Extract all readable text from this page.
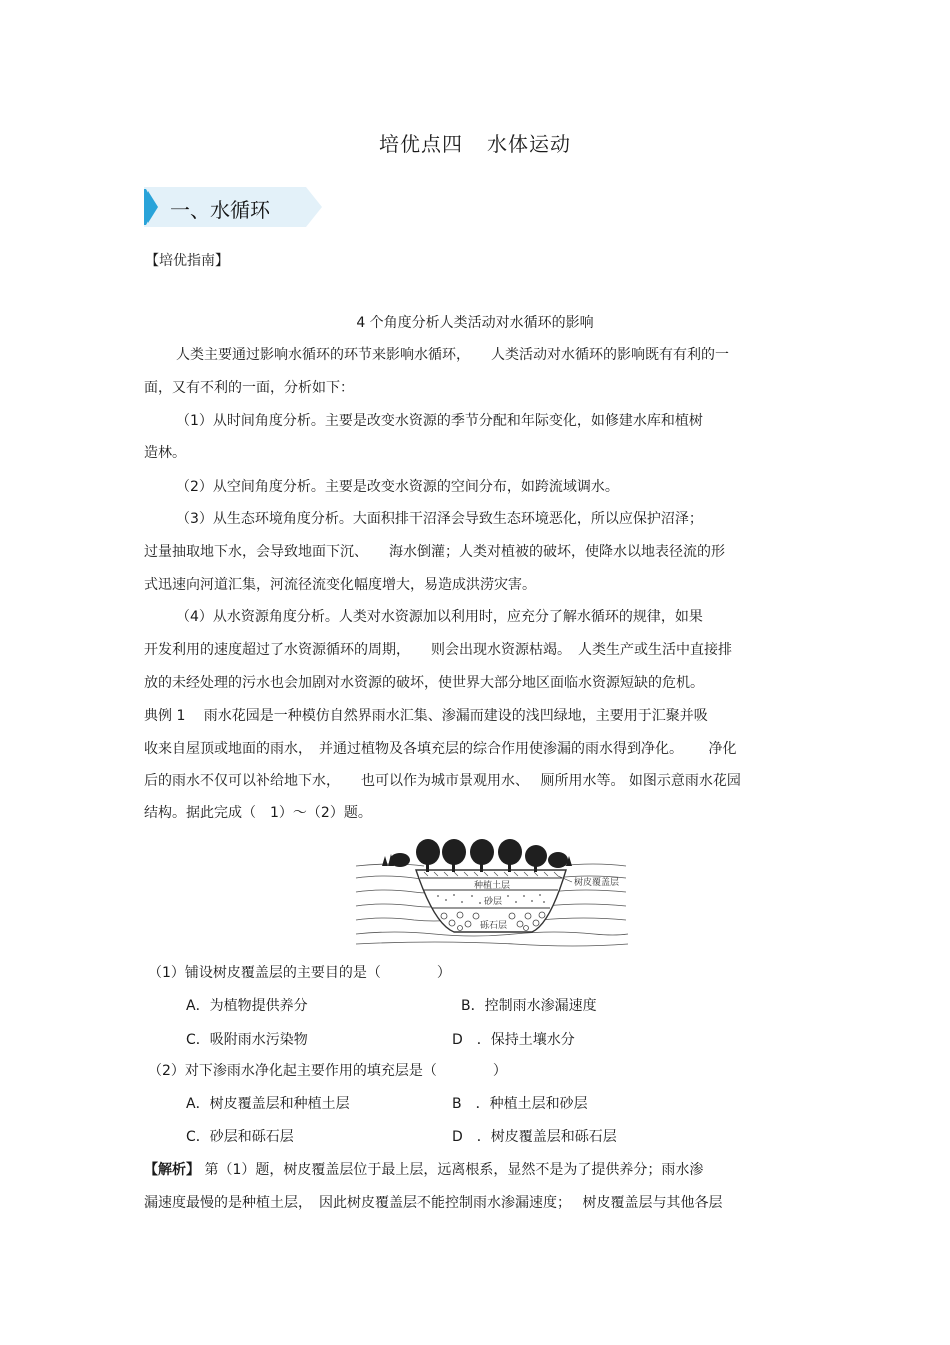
培优点四 水体运动
一、水循环
【培优指南】
4 个角度分析人类活动对水循环的影响
人类主要通过影响水循环的环节来影响水循环，　　人类活动对水循环的影响既有有利的一
面，又有不利的一面，分析如下：
（1）从时间角度分析。主要是改变水资源的季节分配和年际变化，如修建水库和植树
造林。
（2）从空间角度分析。主要是改变水资源的空间分布，如跨流域调水。
（3）从生态环境角度分析。大面积排干沼泽会导致生态环境恶化，所以应保护沼泽；
过量抽取地下水，会导致地面下沉、　　海水倒灌；人类对植被的破坏，使降水以地表径流的形
式迅速向河道汇集，河流径流变化幅度增大，易造成洪涝灾害。
（4）从水资源角度分析。人类对水资源加以利用时，应充分了解水循环的规律，如果
开发利用的速度超过了水资源循环的周期，　　则会出现水资源枯竭。　人类生产或生活中直接排
放的未经处理的污水也会加剧对水资源的破坏，使世界大部分地区面临水资源短缺的危机。
典例 1　 雨水花园是一种模仿自然界雨水汇集、渗漏而建设的浅凹绿地，主要用于汇聚并吸
收来自屋顶或地面的雨水，　并通过植物及各填充层的综合作用使渗漏的雨水得到净化。　　 净化
后的雨水不仅可以补给地下水，　　也可以作为城市景观用水、　 厕所用水等。 如图示意雨水花园
结构。据此完成（　1）～（2）题。
树皮覆盖层
种植土层
砂层
砾石层
（1）铺设树皮覆盖层的主要目的是（　　　　）
A．为植物提供养分	B．控制雨水渗漏速度
C．吸附雨水污染物	D　．保持土壤水分
（2）对下渗雨水净化起主要作用的填充层是（　　　　）
A．树皮覆盖层和种植土层	B　．种植土层和砂层
C．砂层和砾石层	D　．树皮覆盖层和砾石层
【解析】 第（1）题，树皮覆盖层位于最上层，远离根系，显然不是为了提供养分；雨水渗
漏速度最慢的是种植土层，　因此树皮覆盖层不能控制雨水渗漏速度；　 树皮覆盖层与其他各层
